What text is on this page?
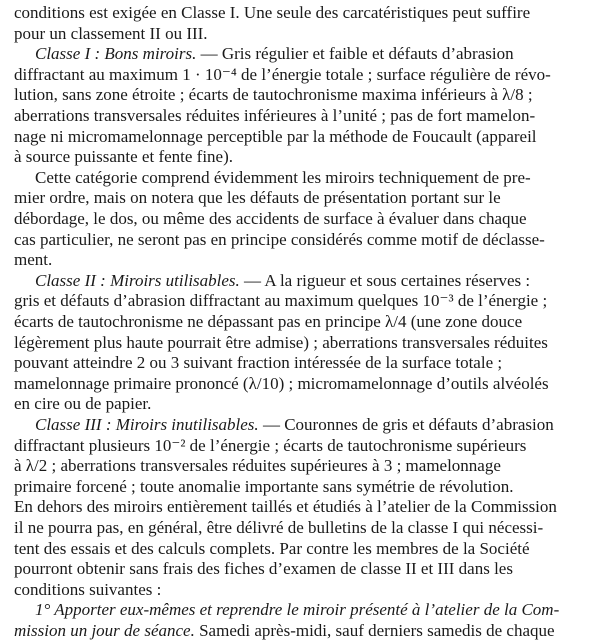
conditions est exigée en Classe I. Une seule des carcatéristiques peut suffire
pour un classement II ou III.
Classe I : Bons miroirs. — Gris régulier et faible et défauts d’abrasion
diffractant au maximum 1 · 10⁻⁴ de l’énergie totale ; surface régulière de révo-
lution, sans zone étroite ; écarts de tautochronisme maxima inférieurs à λ/8 ;
aberrations transversales réduites inférieures à l’unité ; pas de fort mamelon-
nage ni micromamelonnage perceptible par la méthode de Foucault (appareil
à source puissante et fente fine).
Cette catégorie comprend évidemment les miroirs techniquement de pre-
mier ordre, mais on notera que les défauts de présentation portant sur le
débordage, le dos, ou même des accidents de surface à évaluer dans chaque
cas particulier, ne seront pas en principe considérés comme motif de déclasse-
ment.
Classe II : Miroirs utilisables. — A la rigueur et sous certaines réserves :
gris et défauts d’abrasion diffractant au maximum quelques 10⁻³ de l’énergie ;
écarts de tautochronisme ne dépassant pas en principe λ/4 (une zone douce
légèrement plus haute pourrait être admise) ; aberrations transversales réduites
pouvant atteindre 2 ou 3 suivant fraction intéressée de la surface totale ;
mamelonnage primaire prononcé (λ/10) ; micromamelonnage d’outils alvéolés
en cire ou de papier.
Classe III : Miroirs inutilisables. — Couronnes de gris et défauts d’abrasion
diffractant plusieurs 10⁻² de l’énergie ; écarts de tautochronisme supérieurs
à λ/2 ; aberrations transversales réduites supérieures à 3 ; mamelonnage
primaire forcené ; toute anomalie importante sans symétrie de révolution.
En dehors des miroirs entièrement taillés et étudiés à l’atelier de la Commission
il ne pourra pas, en général, être délivré de bulletins de la classe I qui nécessi-
tent des essais et des calculs complets. Par contre les membres de la Société
pourront obtenir sans frais des fiches d’examen de classe II et III dans les
conditions suivantes :
1° Apporter eux-mêmes et reprendre le miroir présenté à l’atelier de la Com-
mission un jour de séance. Samedi après-midi, sauf derniers samedis de chaque
